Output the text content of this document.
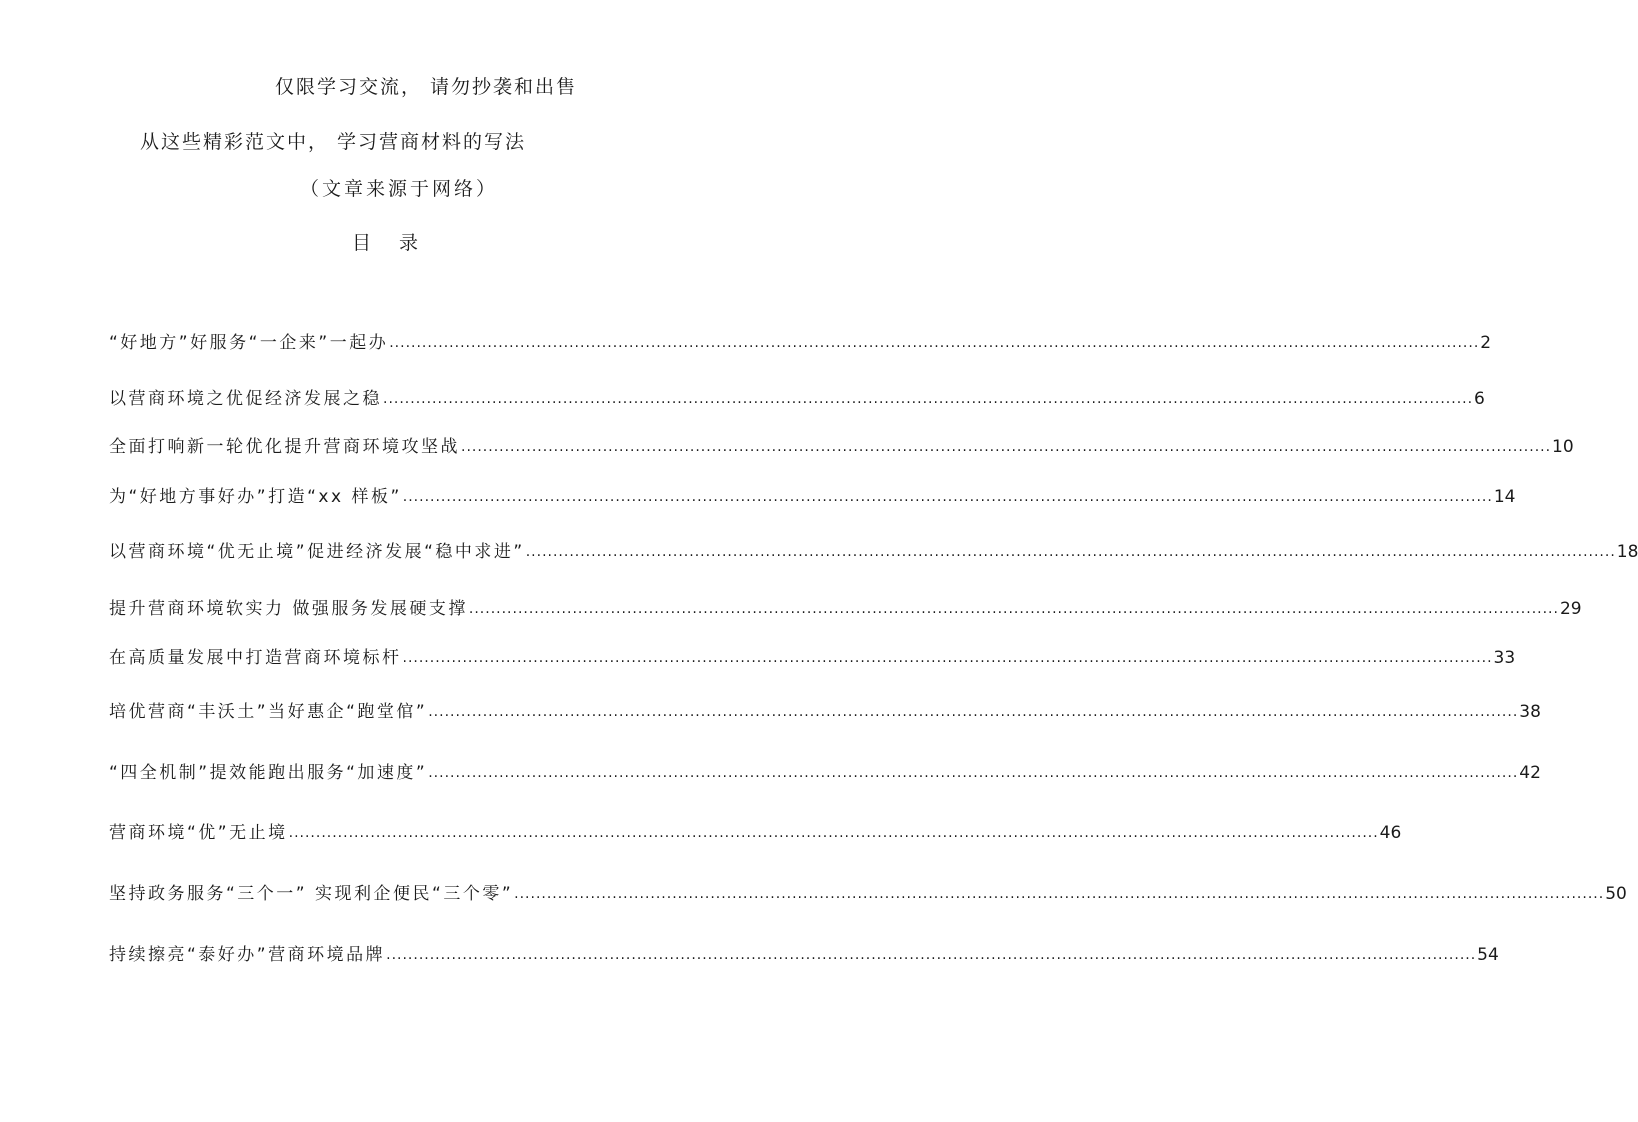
仅限学习交流， 请勿抄袭和出售
从这些精彩范文中， 学习营商材料的写法
（文章来源于网络）
目 录
“好地方”好服务“一企来”一起办 ........................................................................................................................................................................................................ 2
以营商环境之优促经济发展之稳 ........................................................................................................................................................................................................ 6
全面打响新一轮优化提升营商环境攻坚战 ........................................................................................................................................................................................................ 10
为“好地方事好办”打造“xx 样板” ........................................................................................................................................................................................................ 14
以营商环境“优无止境”促进经济发展“稳中求进” ........................................................................................................................................................................................................ 18
提升营商环境软实力 做强服务发展硬支撑 ........................................................................................................................................................................................................ 29
在高质量发展中打造营商环境标杆 ........................................................................................................................................................................................................ 33
培优营商“丰沃土”当好惠企“跑堂倌” ........................................................................................................................................................................................................ 38
“四全机制”提效能跑出服务“加速度” ........................................................................................................................................................................................................ 42
营商环境“优”无止境 ........................................................................................................................................................................................................ 46
坚持政务服务“三个一” 实现利企便民“三个零” ........................................................................................................................................................................................................ 50
持续擦亮“泰好办”营商环境品牌 ........................................................................................................................................................................................................ 54
